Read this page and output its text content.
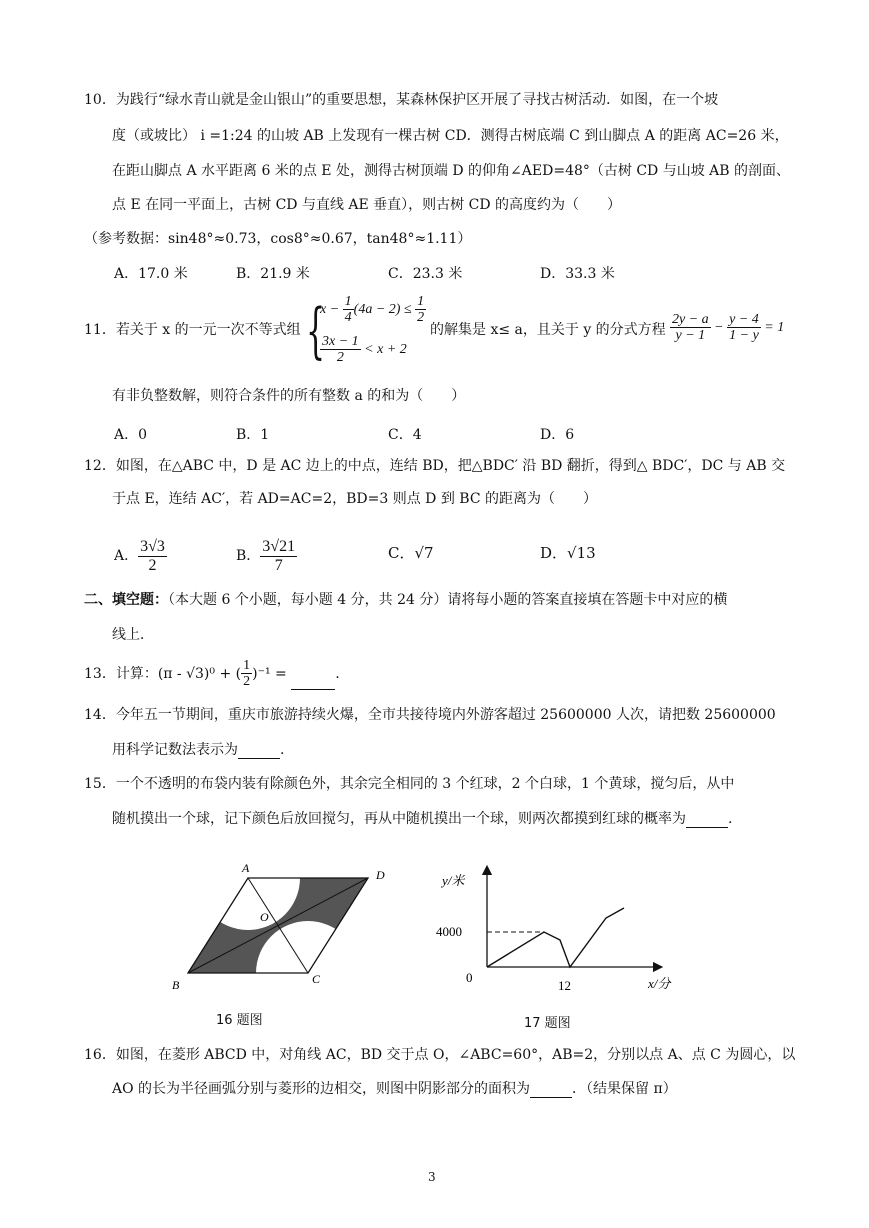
10．为践行“绿水青山就是金山银山”的重要思想，某森林保护区开展了寻找古树活动．如图，在一个坡
度（或坡比） i =1:24 的山坡 AB 上发现有一棵古树 CD．测得古树底端 C 到山脚点 A 的距离 AC=26 米，
在距山脚点 A 水平距离 6 米的点 E 处，测得古树顶端 D 的仰角∠AED=48°（古树 CD 与山坡 AB 的剖面、
点 E 在同一平面上，古树 CD 与直线 AE 垂直），则古树 CD 的高度约为（　　）
（参考数据：sin48°≈0.73，cos8°≈0.67，tan48°≈1.11）
A．17.0 米	B．21.9 米	C．23.3 米	D．33.3 米
11．若关于 x 的一元一次不等式组 {
$x - \frac{1}{4} (4a - 2) \le \frac{1}{2}$
$\frac{3x - 1}{2} < x + 2$
的解集是 x≤ a，且关于 y 的分式方程 $\frac{2y - a}{y - 1} - \frac{y - 4}{1 - y} = 1$
有非负整数解，则符合条件的所有整数 a 的和为（　　）
A．0	B．1	C．4	D．6
12．如图，在△ABC 中，D 是 AC 边上的中点，连结 BD，把△BDC′ 沿 BD 翻折，得到△ BDC′，DC 与 AB 交
于点 E，连结 AC′，若 AD=AC=2，BD=3 则点 D 到 BC 的距离为（　　）
A． $\frac{3√3}{2}$	B． $\frac{3√21}{7}$	C．√7	D．√13
二、填空题：（本大题 6 个小题，每小题 4 分，共 24 分）请将每小题的答案直接填在答题卡中对应的横
线上．
13．计算：(π - √3)⁰ + ( $\frac{1}{2} )^{-1}$ =	.
14．今年五一节期间，重庆市旅游持续火爆，全市共接待境内外游客超过 25600000 人次，请把数 25600000
用科学记数法表示为	.
15．一个不透明的布袋内装有除颜色外，其余完全相同的 3 个红球，2 个白球，1 个黄球，搅匀后，从中
随机摸出一个球，记下颜色后放回搅匀，再从中随机摸出一个球，则两次都摸到红球的概率为	.
A	D
O
B	C
16 题图
y/米
4000
0
12	x/分
17 题图
16．如图，在菱形 ABCD 中，对角线 AC，BD 交于点 O，∠ABC=60°，AB=2，分别以点 A、点 C 为圆心，以
AO 的长为半径画弧分别与菱形的边相交，则图中阴影部分的面积为	．（结果保留 π）
3
